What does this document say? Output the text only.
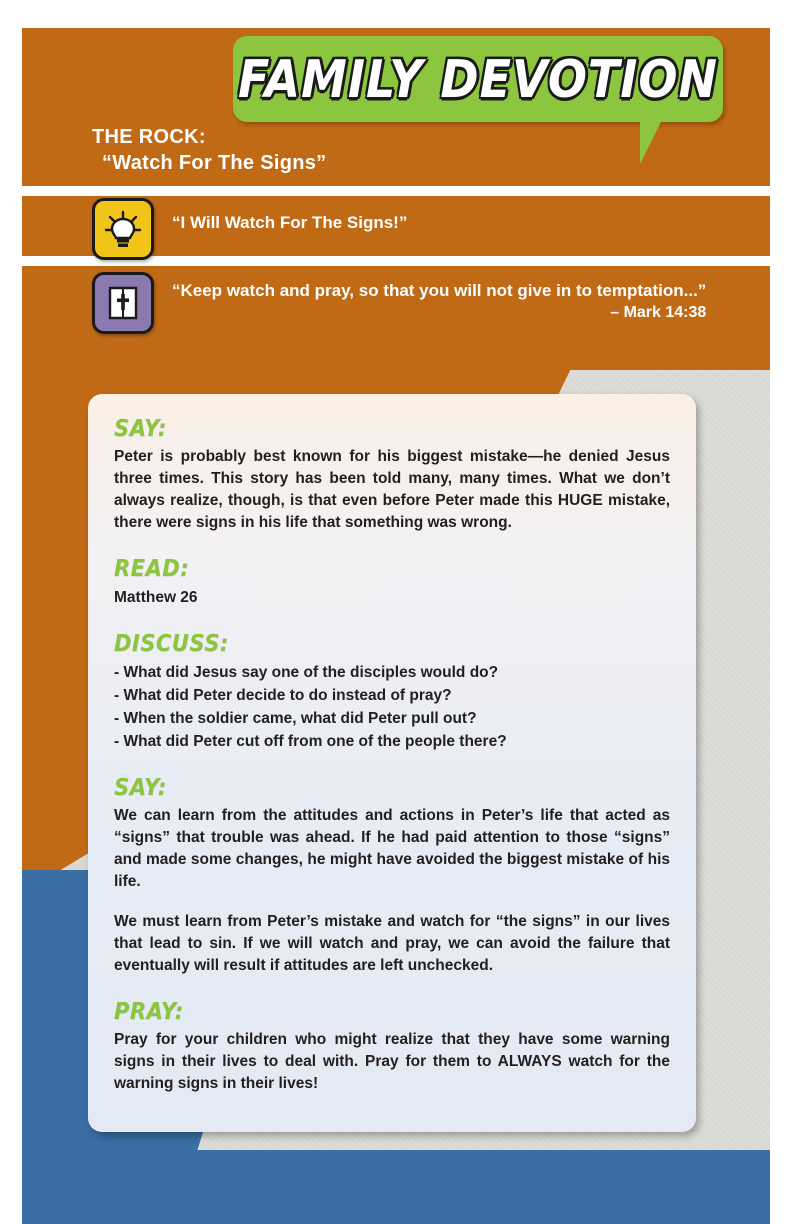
FAMILY DEVOTION
THE ROCK:
“Watch For The Signs”
“I Will Watch For The Signs!”
“Keep watch and pray, so that you will not give in to temptation...”
– Mark 14:38
SAY:

Peter is probably best known for his biggest mistake—he denied Jesus three times. This story has been told many, many times. What we don’t always realize, though, is that even before Peter made this HUGE mistake, there were signs in his life that something was wrong.

READ:

Matthew 26

DISCUSS:

- What did Jesus say one of the disciples would do?

- What did Peter decide to do instead of pray?

- When the soldier came, what did Peter pull out?

- What did Peter cut off from one of the people there?

SAY:

We can learn from the attitudes and actions in Peter’s life that acted as “signs” that trouble was ahead. If he had paid attention to those “signs” and made some changes, he might have avoided the biggest mistake of his life.

We must learn from Peter’s mistake and watch for “the signs” in our lives that lead to sin. If we will watch and pray, we can avoid the failure that eventually will result if attitudes are left unchecked.

PRAY:

Pray for your children who might realize that they have some warning signs in their lives to deal with. Pray for them to ALWAYS watch for the warning signs in their lives!
